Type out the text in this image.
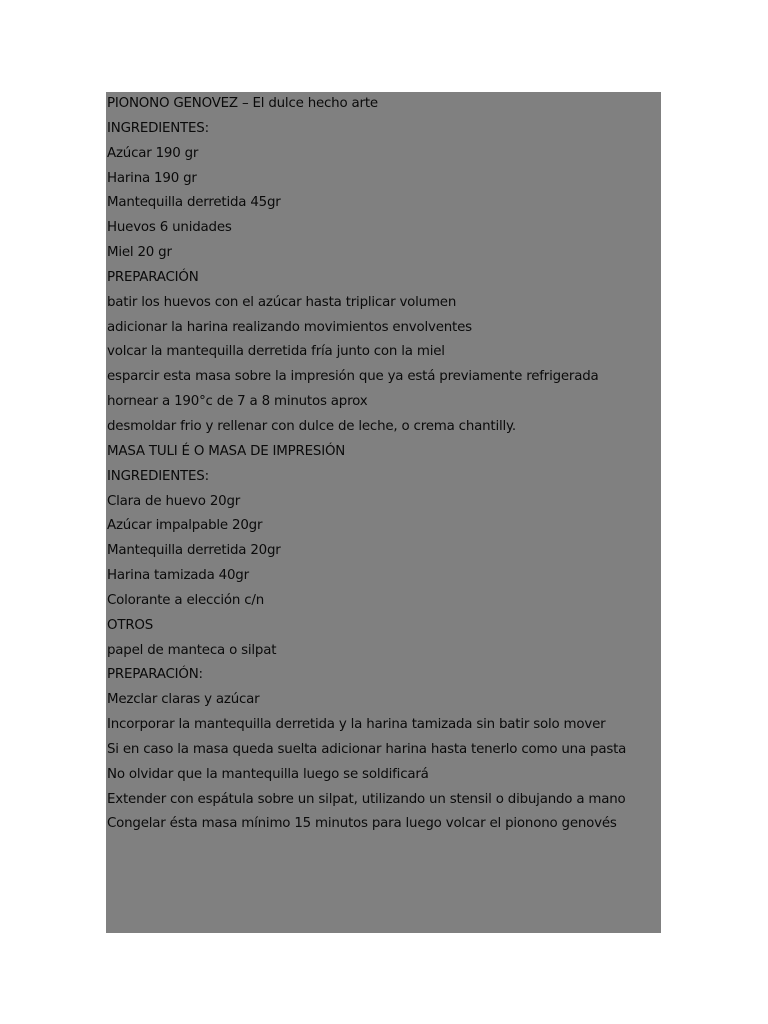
PIONONO GENOVEZ – El dulce hecho arte
INGREDIENTES:
Azúcar 190 gr
Harina 190 gr
Mantequilla derretida 45gr
Huevos 6 unidades
Miel 20 gr
PREPARACIÓN
batir los huevos con el azúcar hasta triplicar volumen
adicionar la harina realizando movimientos envolventes
volcar la mantequilla derretida fría junto con la miel
esparcir esta masa sobre la impresión que ya está previamente refrigerada
hornear a 190°c de 7 a 8 minutos aprox
desmoldar frio y rellenar con dulce de leche, o crema chantilly.
MASA TULI É O MASA DE IMPRESIÓN
INGREDIENTES:
Clara de huevo 20gr
Azúcar impalpable 20gr
Mantequilla derretida 20gr
Harina tamizada 40gr
Colorante a elección c/n
OTROS
papel de manteca o silpat
PREPARACIÓN:
Mezclar claras y azúcar
Incorporar la mantequilla derretida y la harina tamizada sin batir solo mover
Si en caso la masa queda suelta adicionar harina hasta tenerlo como una pasta
No olvidar que la mantequilla luego se soldificará
Extender con espátula sobre un silpat, utilizando un stensil o dibujando a mano
Congelar ésta masa mínimo 15 minutos para luego volcar el pionono genovés
